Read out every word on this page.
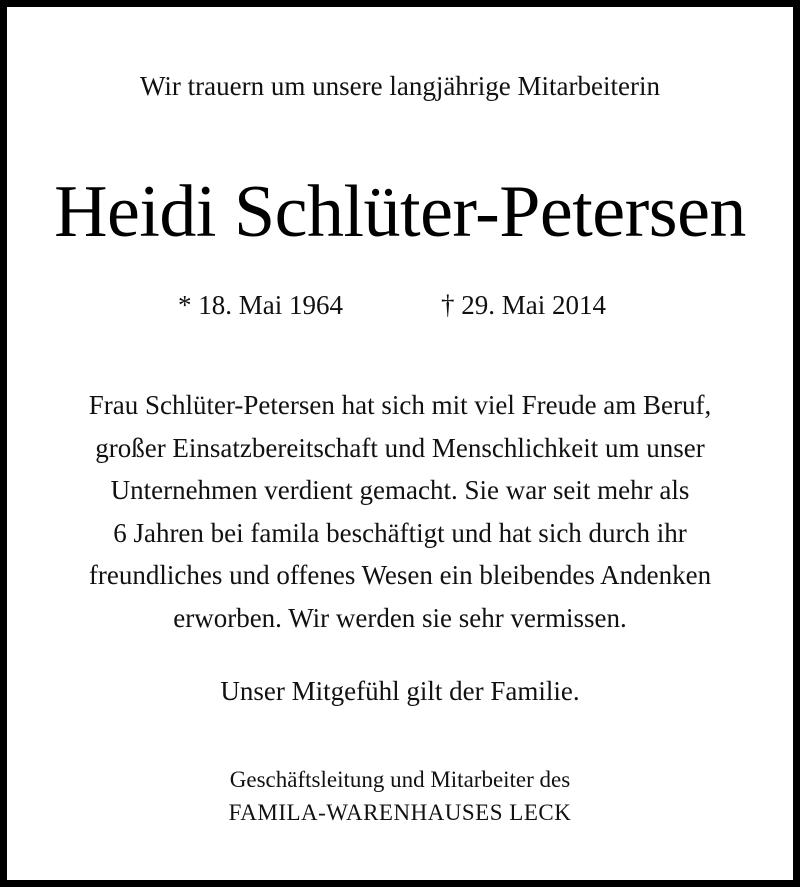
Wir trauern um unsere langjährige Mitarbeiterin
Heidi Schlüter-Petersen
* 18. Mai 1964	† 29. Mai 2014
Frau Schlüter-Petersen hat sich mit viel Freude am Beruf,
großer Einsatzbereitschaft und Menschlichkeit um unser
Unternehmen verdient gemacht. Sie war seit mehr als
6 Jahren bei famila beschäftigt und hat sich durch ihr
freundliches und offenes Wesen ein bleibendes Andenken
erworben. Wir werden sie sehr vermissen.
Unser Mitgefühl gilt der Familie.
Geschäftsleitung und Mitarbeiter des
FAMILA-WARENHAUSES LECK
